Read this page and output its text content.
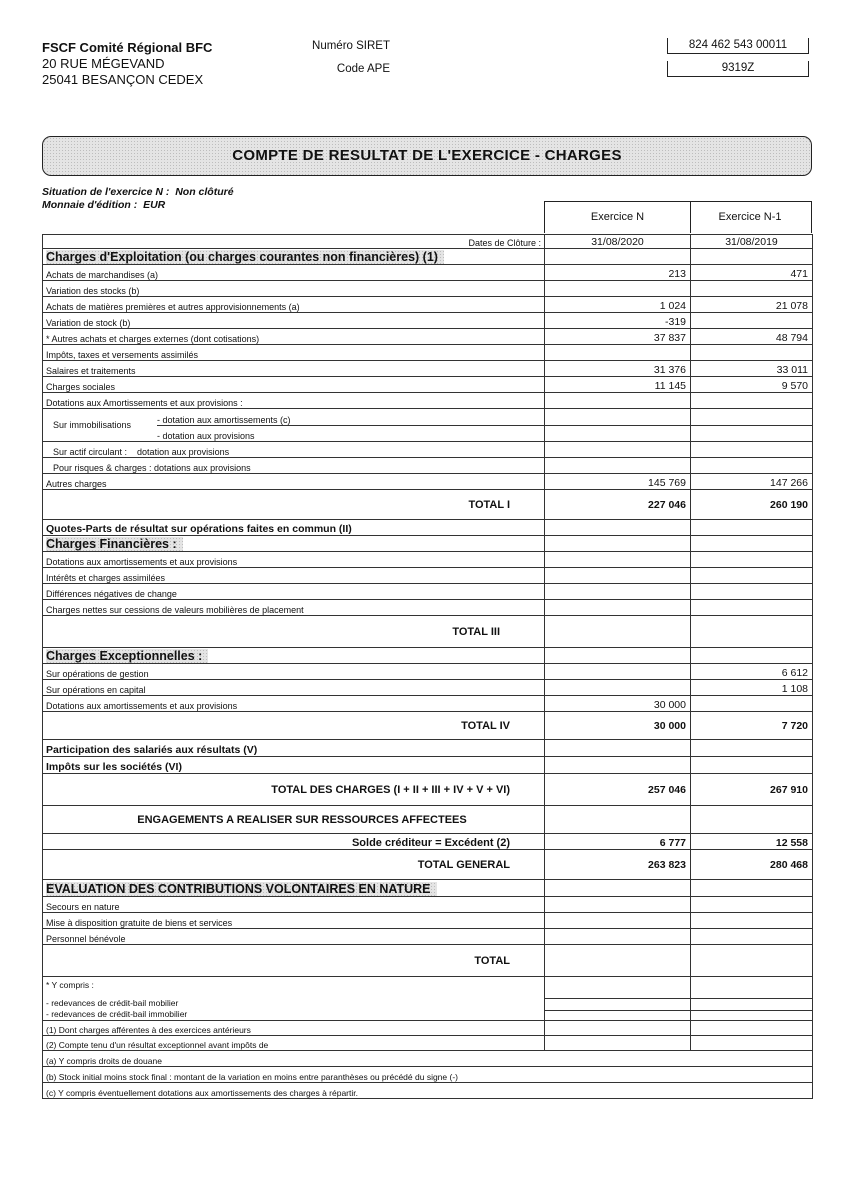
FSCF Comité Régional BFC
20 RUE MÉGEVAND
25041 BESANÇON CEDEX
Numéro SIRET	824 462 543 00011
Code APE	9319Z
COMPTE DE RESULTAT DE L'EXERCICE - CHARGES
Situation de l'exercice N : Non clôturé
Monnaie d'édition : EUR
Exercice N	Exercice N-1
Dates de Clôture :	31/08/2020	31/08/2019
Charges d'Exploitation (ou charges courantes non financières) (1)		
Achats de marchandises (a)	213	471
Variation des stocks (b)		
Achats de matières premières et autres approvisionnements (a)	1 024	21 078
Variation de stock (b)	-319	
* Autres achats et charges externes (dont cotisations)	37 837	48 794
Impôts, taxes et versements assimilés		
Salaires et traitements	31 376	33 011
Charges sociales	11 145	9 570
Dotations aux Amortissements et aux provisions :		

Sur immobilisations - dotation aux amortissements (c)
- dotation aux provisions		

Sur actif circulant : dotation aux provisions		
Pour risques & charges : dotations aux provisions		
Autres charges	145 769	147 266
TOTAL I	227 046	260 190
Quotes-Parts de résultat sur opérations faites en commun (II)		
Charges Financières :		
Dotations aux amortissements et aux provisions		
Intérêts et charges assimilées		
Différences négatives de change		
Charges nettes sur cessions de valeurs mobilières de placement		
TOTAL III		
Charges Exceptionnelles :		
Sur opérations de gestion		6 612
Sur opérations en capital		1 108
Dotations aux amortissements et aux provisions	30 000	
TOTAL IV	30 000	7 720
Participation des salariés aux résultats (V)		
Impôts sur les sociétés (VI)		
TOTAL DES CHARGES (I + II + III + IV + V + VI)	257 046	267 910
ENGAGEMENTS A REALISER SUR RESSOURCES AFFECTEES		
Solde créditeur = Excédent (2)	6 777	12 558
TOTAL GENERAL	263 823	280 468
EVALUATION DES CONTRIBUTIONS VOLONTAIRES EN NATURE		
Secours en nature		
Mise à disposition gratuite de biens et services		
Personnel bénévole		
TOTAL		

* Y compris :
- redevances de crédit-bail mobilier
- redevances de crédit-bail immobilier		

(1) Dont charges afférentes à des exercices antérieurs		
(2) Compte tenu d'un résultat exceptionnel avant impôts de		
(a) Y compris droits de douane		
(b) Stock initial moins stock final : montant de la variation en moins entre paranthèses ou précédé du signe (-)		
(c) Y compris éventuellement dotations aux amortissements des charges à répartir.		
